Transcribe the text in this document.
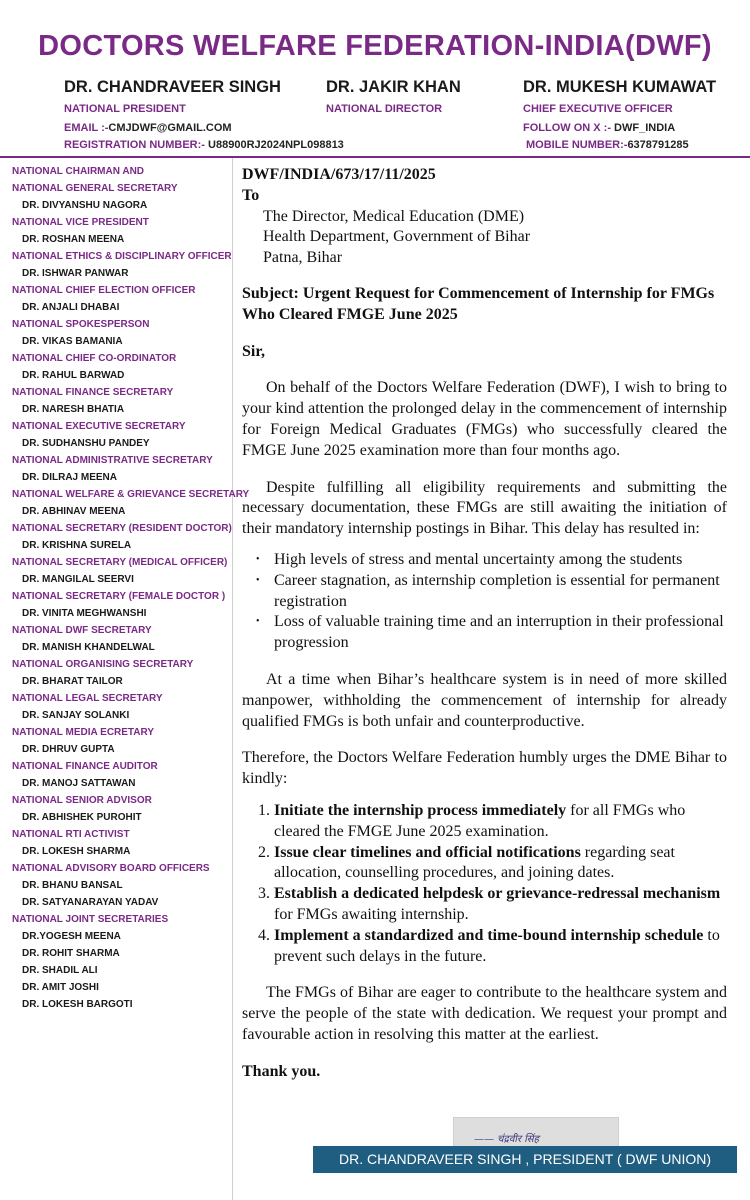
DOCTORS WELFARE FEDERATION-INDIA(DWF)
DR. CHANDRAVEER SINGH	DR. JAKIR KHAN	DR. MUKESH KUMAWAT
NATIONAL PRESIDENT	NATIONAL DIRECTOR	CHIEF EXECUTIVE OFFICER
EMAIL :-CMJDWF@GMAIL.COM
REGISTRATION NUMBER:- U88900RJ2024NPL098813
FOLLOW ON X :- DWF_INDIA
MOBILE NUMBER:-6378791285
NATIONAL CHAIRMAN AND
NATIONAL GENERAL SECRETARY
DR. DIVYANSHU NAGORA
NATIONAL VICE PRESIDENT
DR. ROSHAN MEENA
NATIONAL ETHICS & DISCIPLINARY OFFICER
DR. ISHWAR PANWAR
NATIONAL CHIEF ELECTION OFFICER
DR. ANJALI DHABAI
NATIONAL SPOKESPERSON
DR. VIKAS BAMANIA
NATIONAL CHIEF CO-ORDINATOR
DR. RAHUL BARWAD
NATIONAL FINANCE SECRETARY
DR. NARESH BHATIA
NATIONAL EXECUTIVE SECRETARY
DR. SUDHANSHU PANDEY
NATIONAL ADMINISTRATIVE SECRETARY
DR. DILRAJ MEENA
NATIONAL WELFARE & GRIEVANCE SECRETARY
DR. ABHINAV MEENA
NATIONAL SECRETARY (RESIDENT DOCTOR)
DR. KRISHNA SURELA
NATIONAL SECRETARY (MEDICAL OFFICER)
DR. MANGILAL SEERVI
NATIONAL SECRETARY (FEMALE DOCTOR )
DR. VINITA MEGHWANSHI
NATIONAL DWF SECRETARY
DR. MANISH KHANDELWAL
NATIONAL ORGANISING SECRETARY
DR. BHARAT TAILOR
NATIONAL LEGAL SECRETARY
DR. SANJAY SOLANKI
NATIONAL MEDIA ECRETARY
DR. DHRUV GUPTA
NATIONAL FINANCE AUDITOR
DR. MANOJ SATTAWAN
NATIONAL SENIOR ADVISOR
DR. ABHISHEK PUROHIT
NATIONAL RTI ACTIVIST
DR. LOKESH SHARMA
NATIONAL ADVISORY BOARD OFFICERS
DR. BHANU BANSAL
DR. SATYANARAYAN YADAV
NATIONAL JOINT SECRETARIES
DR.YOGESH MEENA
DR. ROHIT SHARMA
DR. SHADIL ALI
DR. AMIT JOSHI
DR. LOKESH BARGOTI

DWF/INDIA/673/17/11/2025

To

The Director, Medical Education (DME)

Health Department, Government of Bihar

Patna, Bihar

Subject: Urgent Request for Commencement of Internship for FMGs Who Cleared FMGE June 2025

Sir,

On behalf of the Doctors Welfare Federation (DWF), I wish to bring to your kind attention the prolonged delay in the commencement of internship for Foreign Medical Graduates (FMGs) who successfully cleared the FMGE June 2025 examination more than four months ago.

Despite fulfilling all eligibility requirements and submitting the necessary documentation, these FMGs are still awaiting the initiation of their mandatory internship postings in Bihar. This delay has resulted in:

• High levels of stress and mental uncertainty among the students
• Career stagnation, as internship completion is essential for permanent registration
• Loss of valuable training time and an interruption in their professional progression

At a time when Bihar’s healthcare system is in need of more skilled manpower, withholding the commencement of internship for already qualified FMGs is both unfair and counterproductive.

Therefore, the Doctors Welfare Federation humbly urges the DME Bihar to kindly:

1. Initiate the internship process immediately for all FMGs who cleared the FMGE June 2025 examination.
2. Issue clear timelines and official notifications regarding seat allocation, counselling procedures, and joining dates.
3. Establish a dedicated helpdesk or grievance-redressal mechanism for FMGs awaiting internship.
4. Implement a standardized and time-bound internship schedule to prevent such delays in the future.

The FMGs of Bihar are eager to contribute to the healthcare system and serve the people of the state with dedication. We request your prompt and favourable action in resolving this matter at the earliest.

Thank you.

—— च॑द्रवीर सिंह
DR. CHANDRAVEER SINGH , PRESIDENT ( DWF UNION)
